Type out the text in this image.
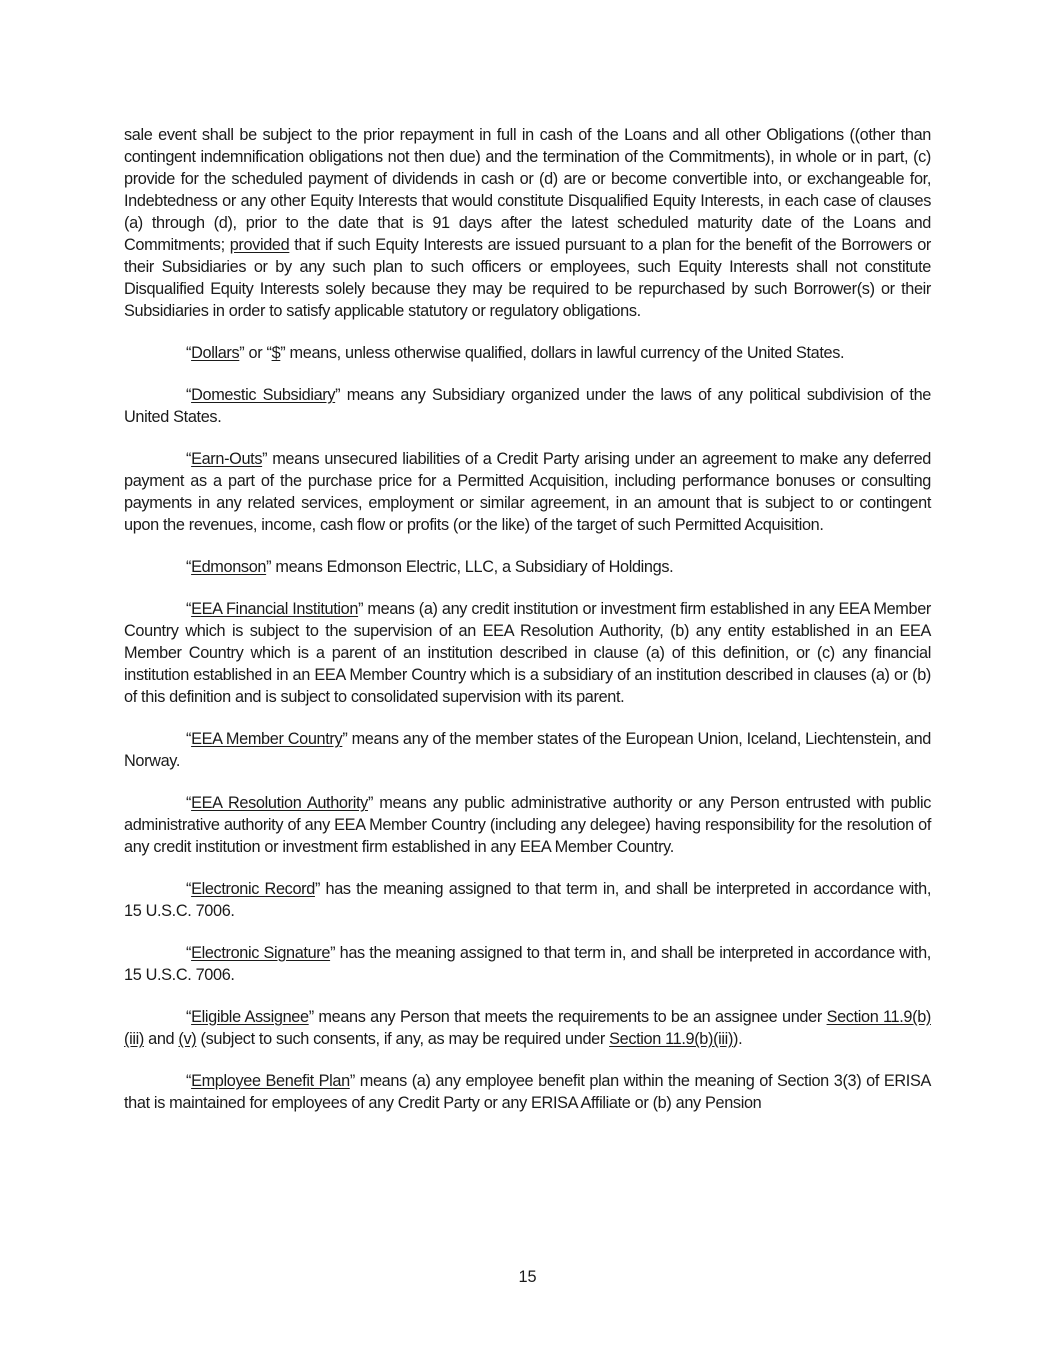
sale event shall be subject to the prior repayment in full in cash of the Loans and all other Obligations ((other than contingent indemnification obligations not then due) and the termination of the Commitments), in whole or in part, (c) provide for the scheduled payment of dividends in cash or (d) are or become convertible into, or exchangeable for, Indebtedness or any other Equity Interests that would constitute Disqualified Equity Interests, in each case of clauses (a) through (d), prior to the date that is 91 days after the latest scheduled maturity date of the Loans and Commitments; provided that if such Equity Interests are issued pursuant to a plan for the benefit of the Borrowers or their Subsidiaries or by any such plan to such officers or employees, such Equity Interests shall not constitute Disqualified Equity Interests solely because they may be required to be repurchased by such Borrower(s) or their Subsidiaries in order to satisfy applicable statutory or regulatory obligations.

“Dollars” or “$” means, unless otherwise qualified, dollars in lawful currency of the United States.

“Domestic Subsidiary” means any Subsidiary organized under the laws of any political subdivision of the United States.

“Earn-Outs” means unsecured liabilities of a Credit Party arising under an agreement to make any deferred payment as a part of the purchase price for a Permitted Acquisition, including performance bonuses or consulting payments in any related services, employment or similar agreement, in an amount that is subject to or contingent upon the revenues, income, cash flow or profits (or the like) of the target of such Permitted Acquisition.

“Edmonson” means Edmonson Electric, LLC, a Subsidiary of Holdings.

“EEA Financial Institution” means (a) any credit institution or investment firm established in any EEA Member Country which is subject to the supervision of an EEA Resolution Authority, (b) any entity established in an EEA Member Country which is a parent of an institution described in clause (a) of this definition, or (c) any financial institution established in an EEA Member Country which is a subsidiary of an institution described in clauses (a) or (b) of this definition and is subject to consolidated supervision with its parent.

“EEA Member Country” means any of the member states of the European Union, Iceland, Liechtenstein, and Norway.

“EEA Resolution Authority” means any public administrative authority or any Person entrusted with public administrative authority of any EEA Member Country (including any delegee) having responsibility for the resolution of any credit institution or investment firm established in any EEA Member Country.

“Electronic Record” has the meaning assigned to that term in, and shall be interpreted in accordance with, 15 U.S.C. 7006.

“Electronic Signature” has the meaning assigned to that term in, and shall be interpreted in accordance with, 15 U.S.C. 7006.

“Eligible Assignee” means any Person that meets the requirements to be an assignee under Section 11.9(b)(iii) and (v) (subject to such consents, if any, as may be required under Section 11.9(b)(iii)).

“Employee Benefit Plan” means (a) any employee benefit plan within the meaning of Section 3(3) of ERISA that is maintained for employees of any Credit Party or any ERISA Affiliate or (b) any Pension

15
